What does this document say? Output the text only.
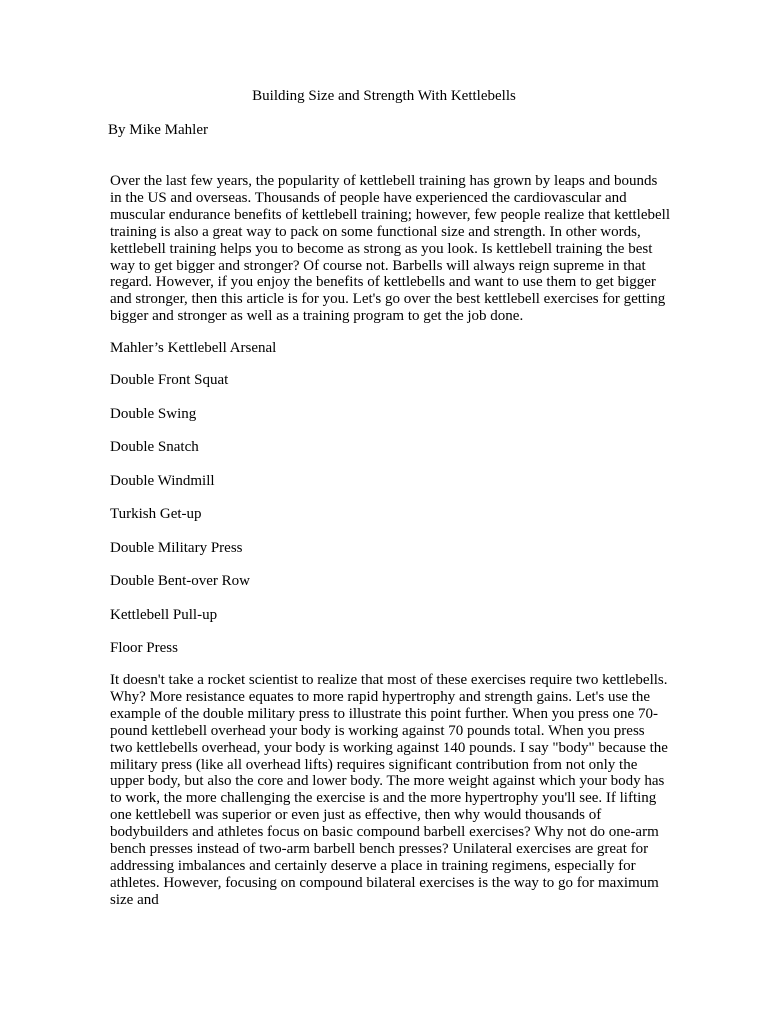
Building Size and Strength With Kettlebells
By Mike Mahler

Over the last few years, the popularity of kettlebell training has grown by leaps and bounds in the US and overseas. Thousands of people have experienced the cardiovascular and muscular endurance benefits of kettlebell training; however, few people realize that kettlebell training is also a great way to pack on some functional size and strength. In other words, kettlebell training helps you to become as strong as you look. Is kettlebell training the best way to get bigger and stronger? Of course not. Barbells will always reign supreme in that regard. However, if you enjoy the benefits of kettlebells and want to use them to get bigger and stronger, then this article is for you. Let's go over the best kettlebell exercises for getting bigger and stronger as well as a training program to get the job done.

Mahler’s Kettlebell Arsenal

Double Front Squat
Double Swing
Double Snatch
Double Windmill
Turkish Get-up
Double Military Press
Double Bent-over Row
Kettlebell Pull-up
Floor Press

It doesn't take a rocket scientist to realize that most of these exercises require two kettlebells. Why? More resistance equates to more rapid hypertrophy and strength gains. Let's use the example of the double military press to illustrate this point further. When you press one 70-pound kettlebell overhead your body is working against 70 pounds total. When you press two kettlebells overhead, your body is working against 140 pounds. I say "body" because the military press (like all overhead lifts) requires significant contribution from not only the upper body, but also the core and lower body. The more weight against which your body has to work, the more challenging the exercise is and the more hypertrophy you'll see. If lifting one kettlebell was superior or even just as effective, then why would thousands of bodybuilders and athletes focus on basic compound barbell exercises? Why not do one-arm bench presses instead of two-arm barbell bench presses? Unilateral exercises are great for addressing imbalances and certainly deserve a place in training regimens, especially for athletes. However, focusing on compound bilateral exercises is the way to go for maximum size and
